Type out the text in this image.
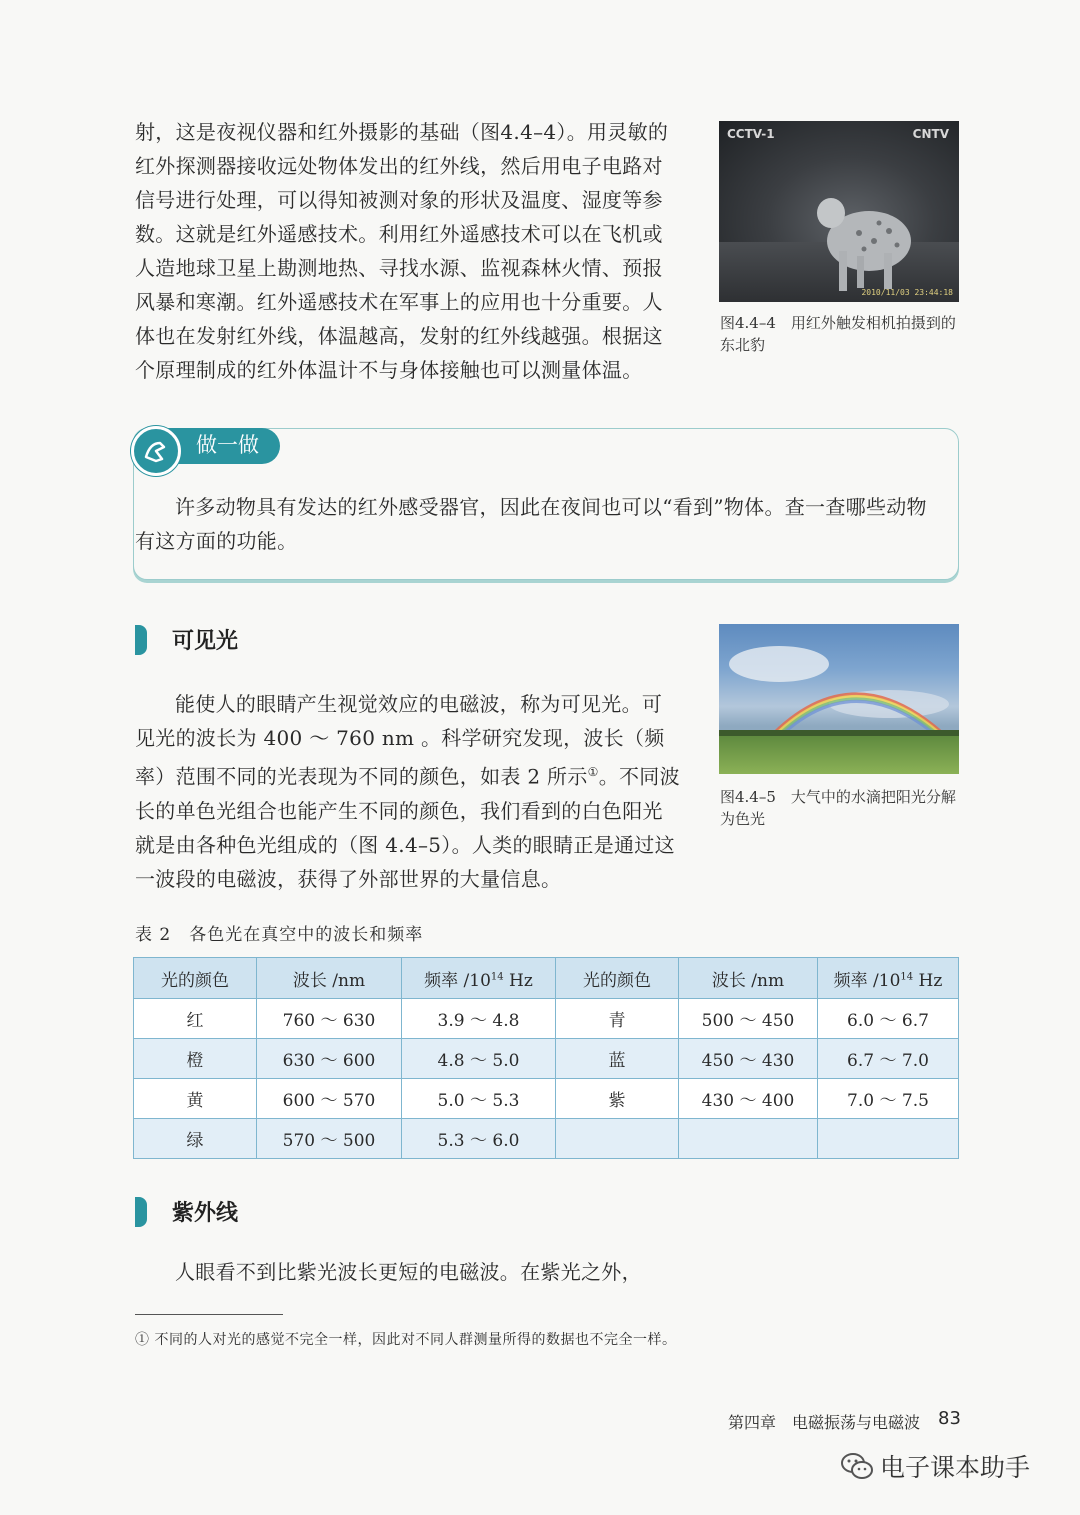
射，这是夜视仪器和红外摄影的基础（图4.4–4）。用灵敏的红外探测器接收远处物体发出的红外线，然后用电子电路对信号进行处理，可以得知被测对象的形状及温度、湿度等参数。这就是红外遥感技术。利用红外遥感技术可以在飞机或人造地球卫星上勘测地热、寻找水源、监视森林火情、预报风暴和寒潮。红外遥感技术在军事上的应用也十分重要。人体也在发射红外线，体温越高，发射的红外线越强。根据这个原理制成的红外体温计不与身体接触也可以测量体温。

CCTV-1	CNTV
2010/11/03 23:44:18
图4.4–4　用红外触发相机拍摄到的东北豹
做一做

许多动物具有发达的红外感受器官，因此在夜间也可以“看到”物体。查一查哪些动物有这方面的功能。

可见光

能使人的眼睛产生视觉效应的电磁波，称为可见光。可见光的波长为 400 ～ 760 nm 。科学研究发现，波长（频率）范围不同的光表现为不同的颜色，如表 2 所示①。不同波长的单色光组合也能产生不同的颜色，我们看到的白色阳光就是由各种色光组成的（图 4.4–5）。人类的眼睛正是通过这一波段的电磁波，获得了外部世界的大量信息。

图4.4–5　大气中的水滴把阳光分解为色光
表 2　各色光在真空中的波长和频率
光的颜色	波长 /nm	频率 $/10^{14}$ Hz	光的颜色	波长 /nm	频率 $/10^{14}$ Hz
红	760 ～ 630	3.9 ～ 4.8	青	500 ～ 450	6.0 ～ 6.7
橙	630 ～ 600	4.8 ～ 5.0	蓝	450 ～ 430	6.7 ～ 7.0
黄	600 ～ 570	5.0 ～ 5.3	紫	430 ～ 400	7.0 ～ 7.5
绿	570 ～ 500	5.3 ～ 6.0			
紫外线

人眼看不到比紫光波长更短的电磁波。在紫光之外，

① 不同的人对光的感觉不完全一样，因此对不同人群测量所得的数据也不完全一样。
第四章　电磁振荡与电磁波 83
电子课本助手
